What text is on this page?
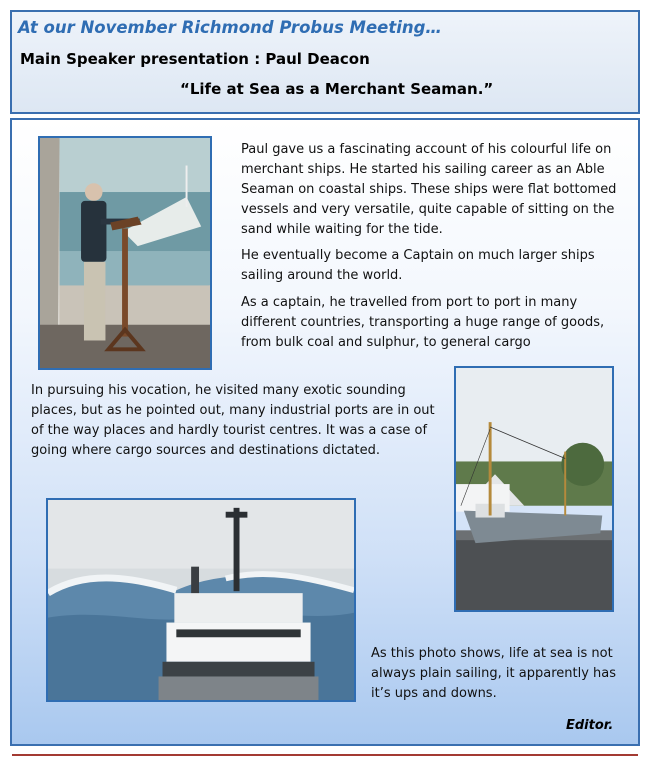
At our November Richmond Probus Meeting…
Main Speaker presentation : Paul Deacon
“Life at Sea as a Merchant Seaman.”

Paul gave us a fascinating account of his colourful life on merchant ships. He started his sailing career as an Able Seaman on coastal ships. These ships were flat bottomed vessels and very versatile, quite capable of sitting on the sand while waiting for the tide.

He eventually become a Captain on much larger ships sailing around the world.

As a captain, he travelled from port to port in many different countries, transporting a huge range of goods, from bulk coal and sulphur, to general cargo

In pursuing his vocation, he visited many exotic sounding places, but as he pointed out, many industrial ports are in out of the way places and hardly tourist centres. It was a case of going where cargo sources and destinations dictated.

As this photo shows, life at sea is not always plain sailing, it apparently has it’s ups and downs.

Editor.
